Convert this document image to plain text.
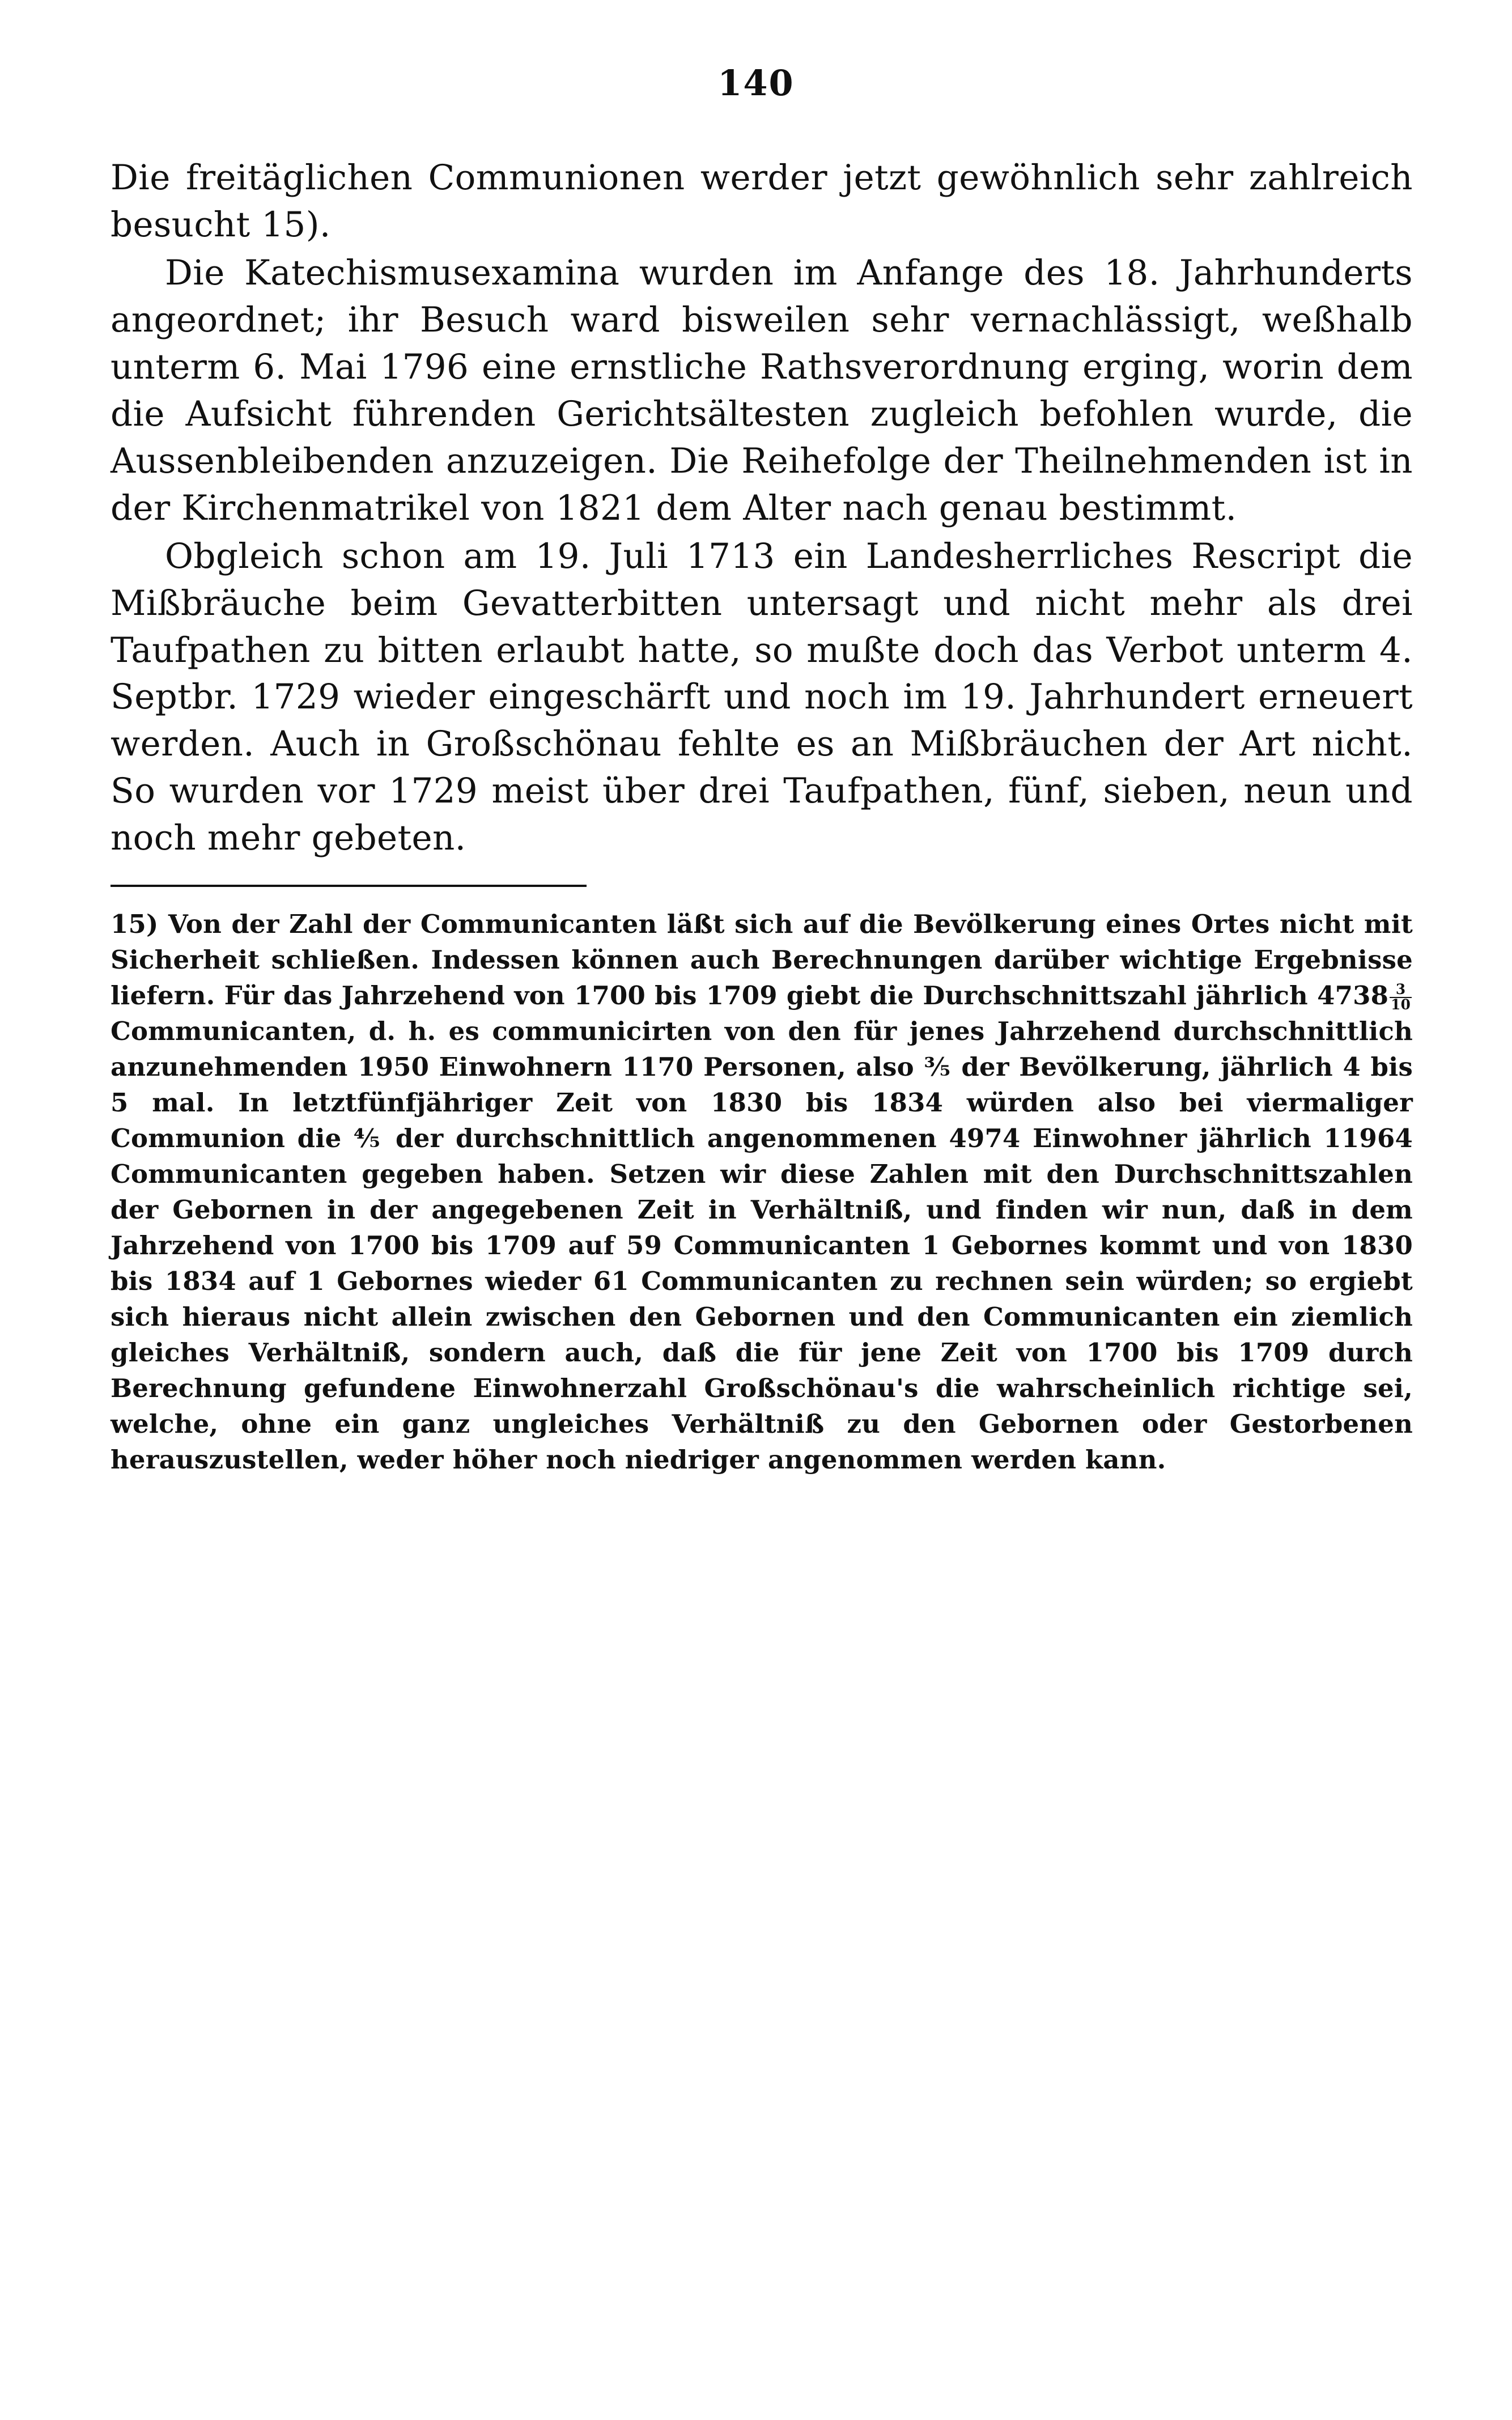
140

Die freitäglichen Communionen werder jetzt gewöhnlich sehr zahlreich besucht 15).

Die Katechismusexamina wurden im Anfange des 18. Jahrhunderts angeordnet; ihr Besuch ward bisweilen sehr vernachlässigt, weßhalb unterm 6. Mai 1796 eine ernstliche Rathsverordnung erging, worin dem die Aufsicht führenden Gerichtsältesten zugleich befohlen wurde, die Aussenbleibenden anzuzeigen. Die Reihefolge der Theilnehmenden ist in der Kirchenmatrikel von 1821 dem Alter nach genau bestimmt.

Obgleich schon am 19. Juli 1713 ein Landesherrliches Rescript die Mißbräuche beim Gevatterbitten untersagt und nicht mehr als drei Taufpathen zu bitten erlaubt hatte, so mußte doch das Verbot unterm 4. Septbr. 1729 wieder eingeschärft und noch im 19. Jahrhundert erneuert werden. Auch in Großschönau fehlte es an Mißbräuchen der Art nicht. So wurden vor 1729 meist über drei Taufpathen, fünf, sieben, neun und noch mehr gebeten.

15) Von der Zahl der Communicanten läßt sich auf die Bevölkerung eines Ortes nicht mit Sicherheit schließen. Indessen können auch Berechnungen darüber wichtige Ergebnisse liefern. Für das Jahrzehend von 1700 bis 1709 giebt die Durchschnittszahl jährlich $4738 \frac{3}{10}$
Communicanten, d. h. es communicirten von den für jenes Jahrzehend durchschnittlich anzunehmenden 1950 Einwohnern 1170 Personen, also ⅗ der Bevölkerung, jährlich 4 bis 5 mal. In letztfünfjähriger Zeit von 1830 bis 1834 würden also bei viermaliger Communion die ⅘ der durchschnittlich angenommenen 4974 Einwohner jährlich 11964 Communicanten gegeben haben. Setzen wir diese Zahlen mit den Durchschnittszahlen der Gebornen in der angegebenen Zeit in Verhältniß, und finden wir nun, daß in dem Jahrzehend von 1700 bis 1709 auf 59 Communicanten 1 Gebornes kommt und von 1830 bis 1834 auf 1 Gebornes wieder 61 Communicanten zu rechnen sein würden; so ergiebt sich hieraus nicht allein zwischen den Gebornen und den Communicanten ein ziemlich gleiches Verhältniß, sondern auch, daß die für jene Zeit von 1700 bis 1709 durch Berechnung gefundene Einwohnerzahl Großschönau's die wahrscheinlich richtige sei, welche, ohne ein ganz ungleiches Verhältniß zu den Gebornen oder Gestorbenen herauszustellen, weder höher noch niedriger angenommen werden kann.
